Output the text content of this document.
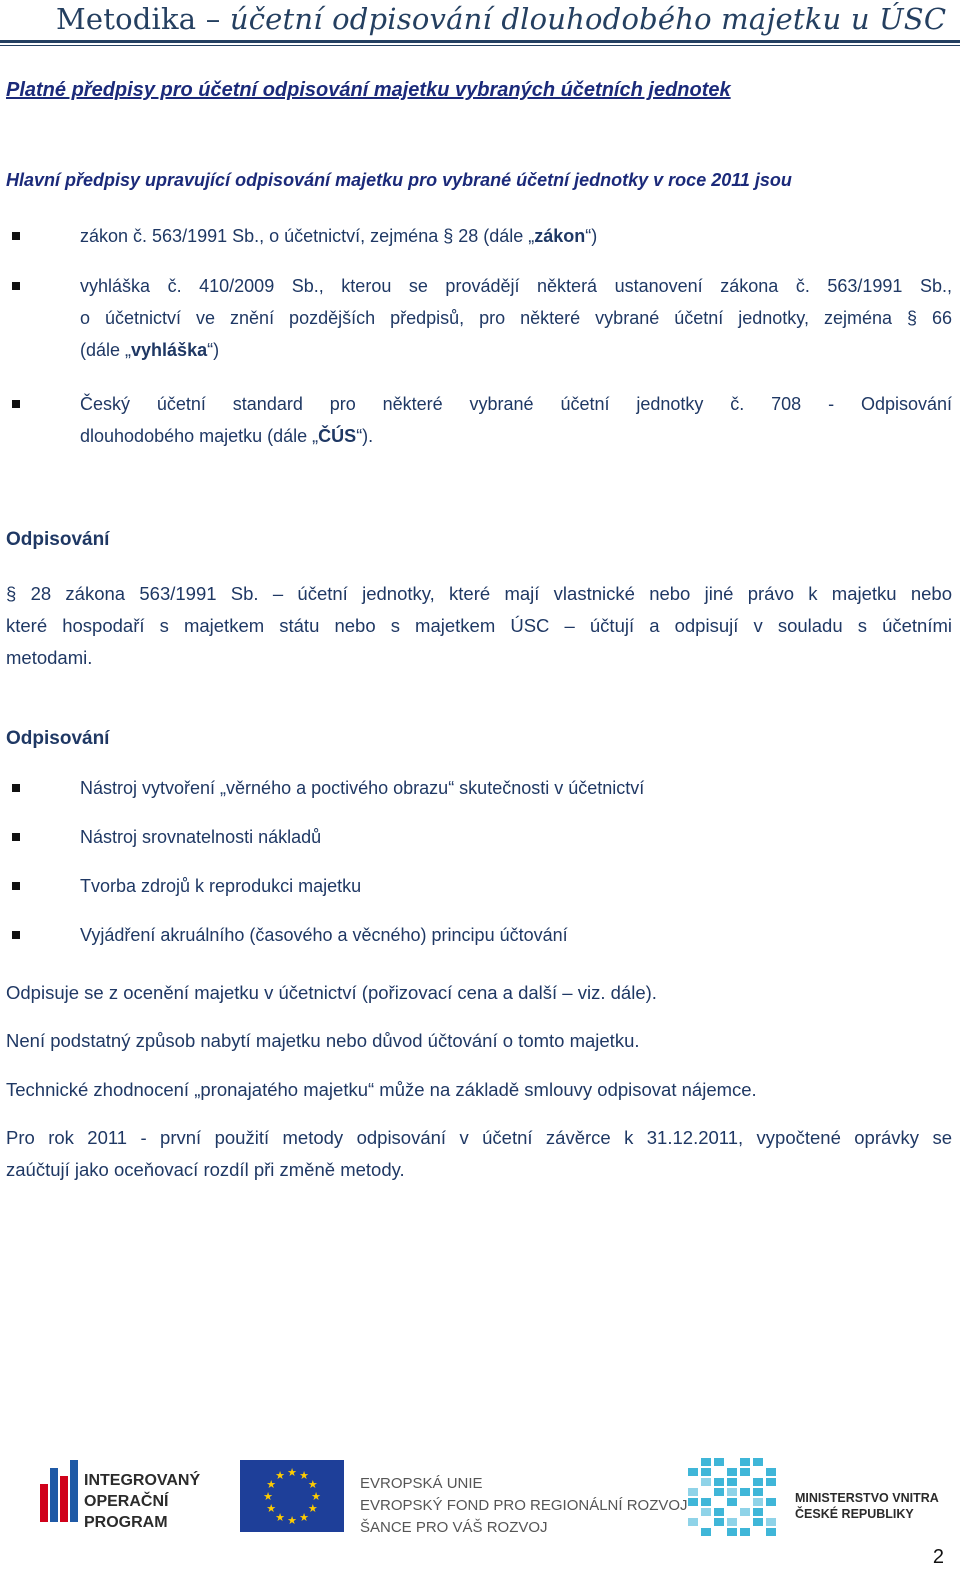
Metodika – účetní odpisování dlouhodobého majetku u ÚSC
Platné předpisy pro účetní odpisování majetku vybraných účetních jednotek
Hlavní předpisy upravující odpisování majetku pro vybrané účetní jednotky v roce 2011 jsou
zákon č. 563/1991 Sb., o účetnictví, zejména § 28 (dále „zákon“)
vyhláška č. 410/2009 Sb., kterou se provádějí některá ustanovení zákona č. 563/1991 Sb.,
o účetnictví ve znění pozdějších předpisů, pro některé vybrané účetní jednotky, zejména § 66
(dále „vyhláška“)
Český účetní standard pro některé vybrané účetní jednotky č. 708 - Odpisování
dlouhodobého majetku (dále „ČÚS“).
Odpisování
§ 28 zákona 563/1991 Sb. – účetní jednotky, které mají vlastnické nebo jiné právo k majetku nebo
které hospodaří s majetkem státu nebo s majetkem ÚSC – účtují a odpisují v souladu s účetními
metodami.
Odpisování
Nástroj vytvoření „věrného a poctivého obrazu“ skutečnosti v účetnictví
Nástroj srovnatelnosti nákladů
Tvorba zdrojů k reprodukci majetku
Vyjádření akruálního (časového a věcného) principu účtování
Odpisuje se z ocenění majetku v účetnictví (pořizovací cena a další – viz. dále).
Není podstatný způsob nabytí majetku nebo důvod účtování o tomto majetku.
Technické zhodnocení „pronajatého majetku“ může na základě smlouvy odpisovat nájemce.
Pro rok 2011 - první použití metody odpisování v účetní závěrce k 31.12.2011, vypočtené oprávky se
zaúčtují jako oceňovací rozdíl při změně metody.
INTEGROVANÝ
OPERAČNÍ
PROGRAM
★ ★
★
★
★
★
★
★
★
★
★
★	EVROPSKÁ UNIE
EVROPSKÝ FOND PRO REGIONÁLNÍ ROZVOJ
ŠANCE PRO VÁŠ ROZVOJ
MINISTERSTVO VNITRA
ČESKÉ REPUBLIKY
2
